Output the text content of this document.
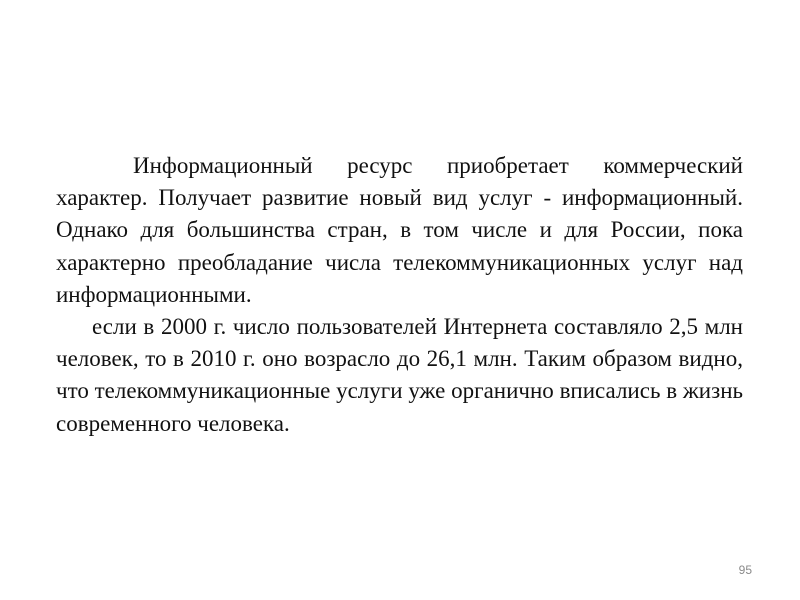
Информационный ресурс приобретает коммерческий характер. Получает развитие новый вид услуг - информационный. Однако для большинства стран, в том числе и для России, пока характерно преобладание числа телекоммуникационных услуг над информационными.

если в 2000 г. число пользователей Интернета составляло 2,5 млн человек, то в 2010 г. оно возрасло до 26,1 млн. Таким образом видно, что телекоммуникационные услуги уже органично вписались в жизнь современного человека.

95
